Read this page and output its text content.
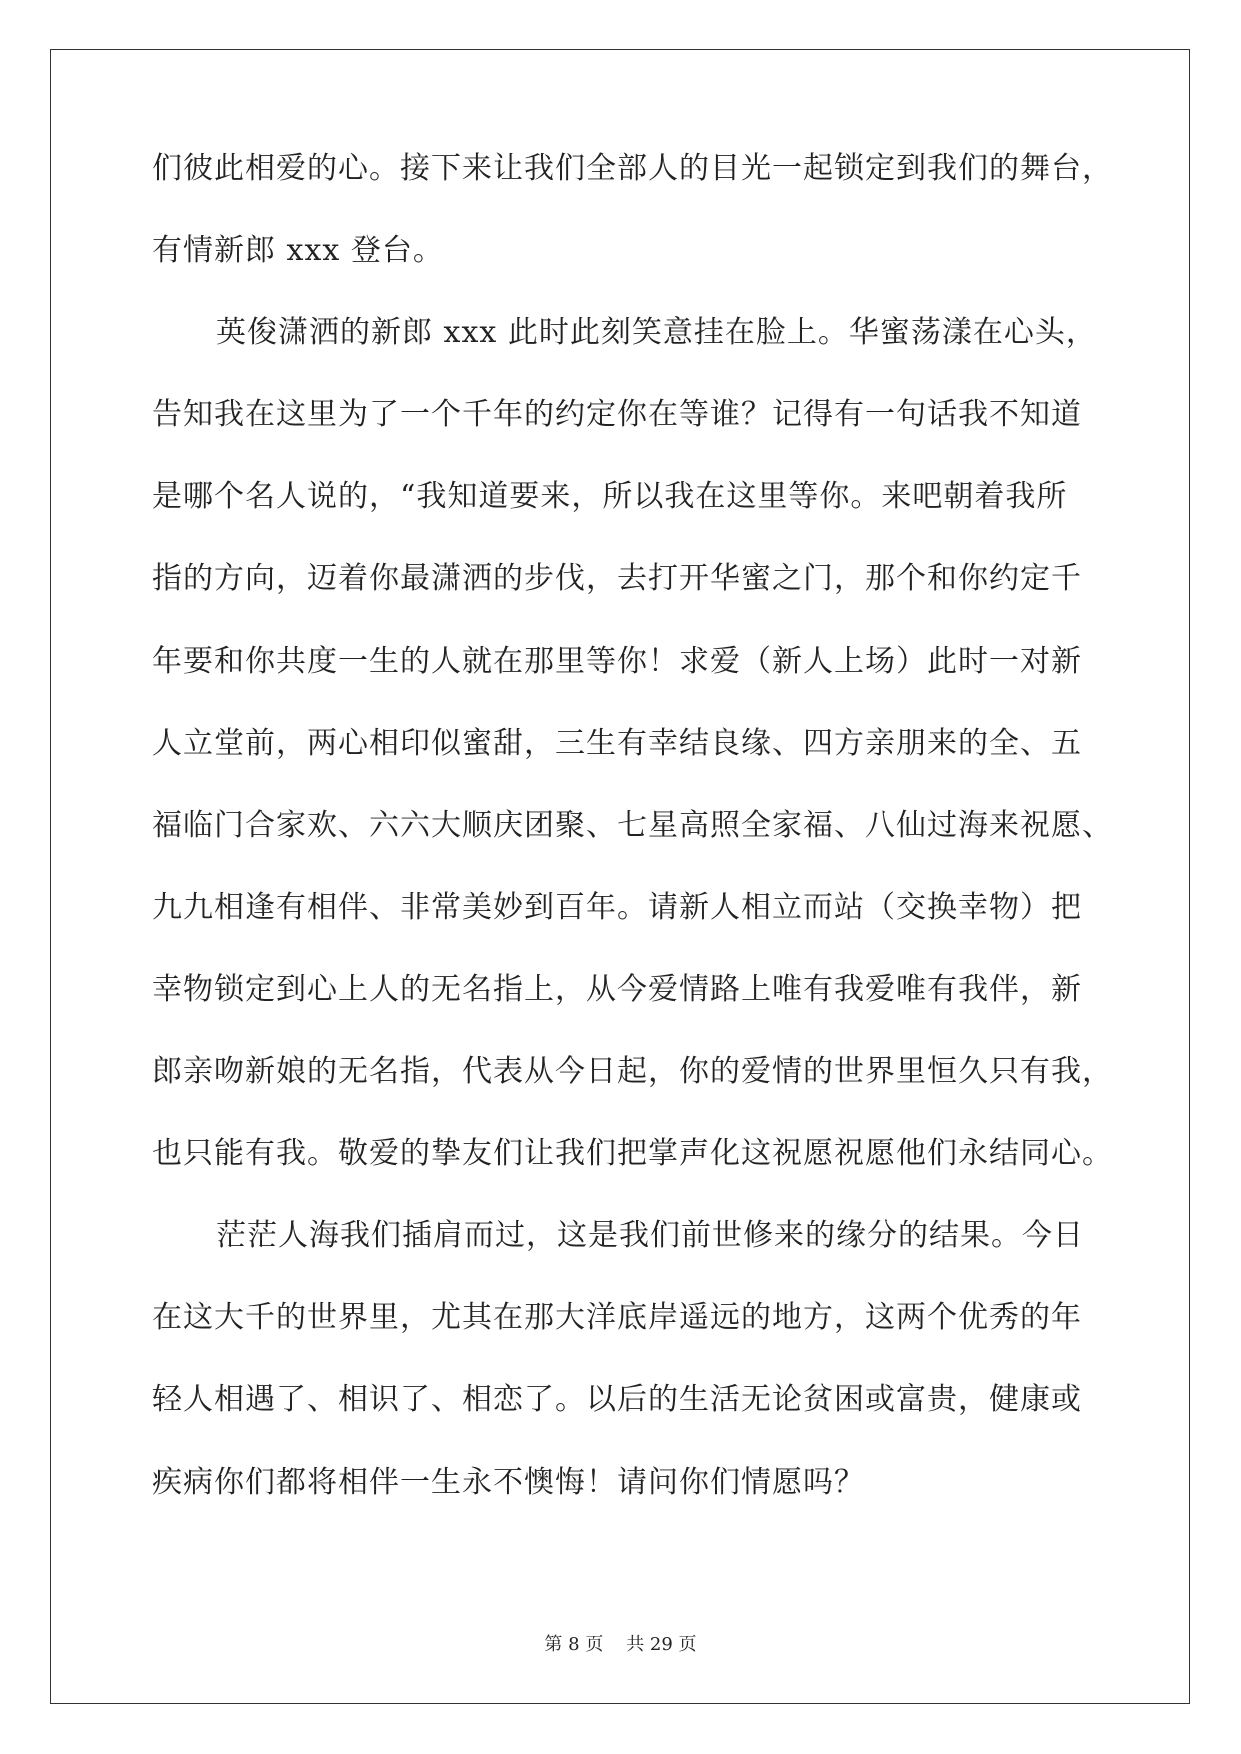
们彼此相爱的心。接下来让我们全部人的目光一起锁定到我们的舞台，
有情新郎 xxx 登台。
英俊潇洒的新郎 xxx 此时此刻笑意挂在脸上。华蜜荡漾在心头，
告知我在这里为了一个千年的约定你在等谁？记得有一句话我不知道
是哪个名人说的，“我知道要来，所以我在这里等你。来吧朝着我所
指的方向，迈着你最潇洒的步伐，去打开华蜜之门，那个和你约定千
年要和你共度一生的人就在那里等你！求爱（新人上场）此时一对新
人立堂前，两心相印似蜜甜，三生有幸结良缘、四方亲朋来的全、五
福临门合家欢、六六大顺庆团聚、七星高照全家福、八仙过海来祝愿、
九九相逢有相伴、非常美妙到百年。请新人相立而站（交换幸物）把
幸物锁定到心上人的无名指上，从今爱情路上唯有我爱唯有我伴，新
郎亲吻新娘的无名指，代表从今日起，你的爱情的世界里恒久只有我，
也只能有我。敬爱的挚友们让我们把掌声化这祝愿祝愿他们永结同心。
茫茫人海我们插肩而过，这是我们前世修来的缘分的结果。今日
在这大千的世界里，尤其在那大洋底岸遥远的地方，这两个优秀的年
轻人相遇了、相识了、相恋了。以后的生活无论贫困或富贵，健康或
疾病你们都将相伴一生永不懊悔！请问你们情愿吗？
第 8 页    共 29 页
